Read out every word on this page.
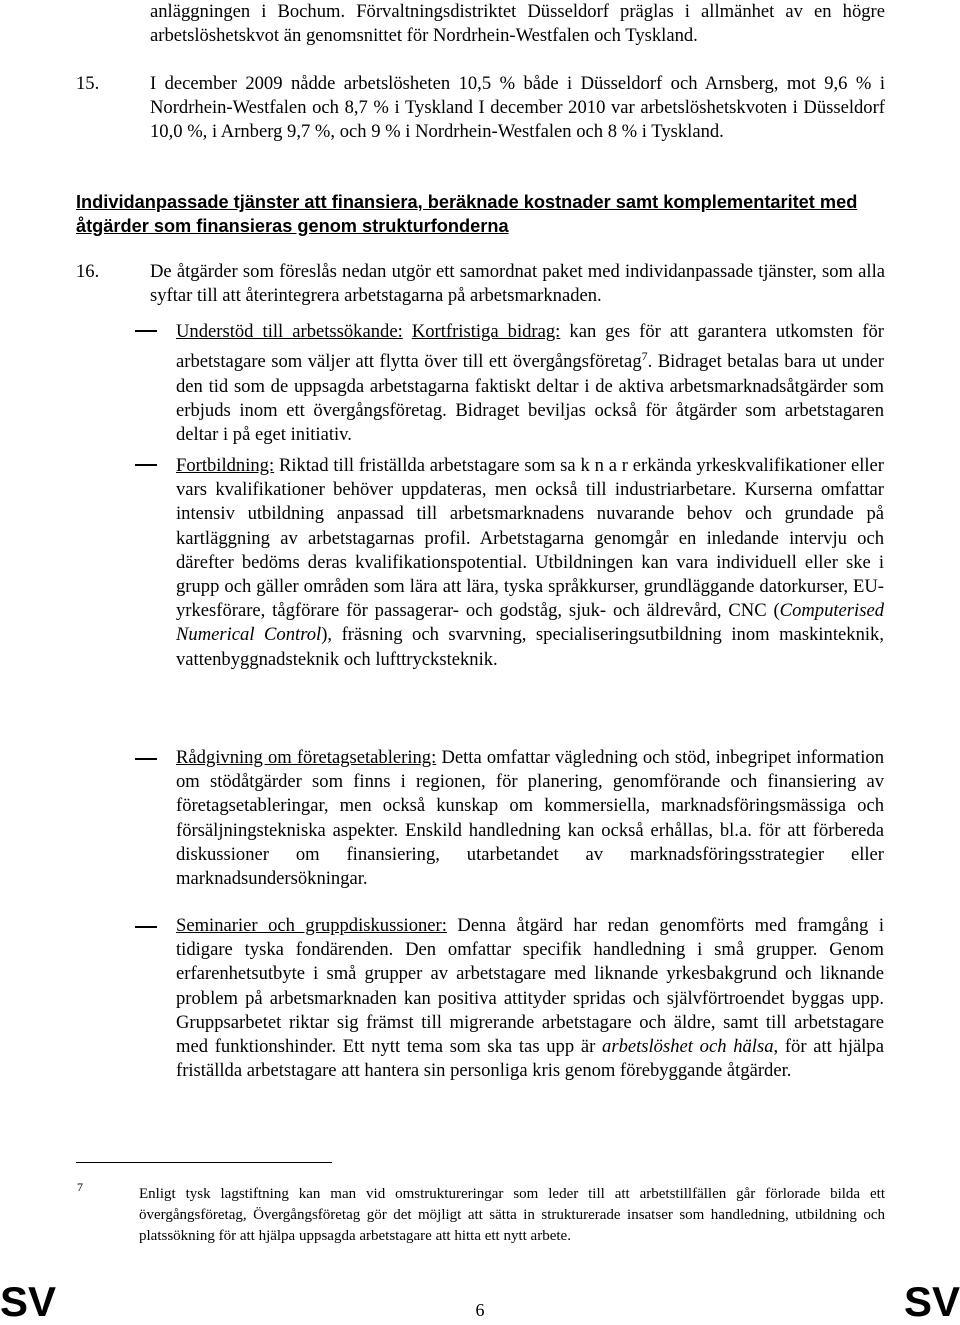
anläggningen i Bochum. Förvaltningsdistriktet Düsseldorf präglas i allmänhet av en högre arbetslöshetskvot än genomsnittet för Nordrhein-Westfalen och Tyskland.
15.	I december 2009 nådde arbetslösheten 10,5 % både i Düsseldorf och Arnsberg, mot 9,6 % i Nordrhein-Westfalen och 8,7 % i Tyskland I december 2010 var arbetslöshetskvoten i Düsseldorf 10,0 %, i Arnberg 9,7 %, och 9 % i Nordrhein-Westfalen och 8 % i Tyskland.
Individanpassade tjänster att finansiera, beräknade kostnader samt komplementaritet med åtgärder som finansieras genom strukturfonderna
16.	De åtgärder som föreslås nedan utgör ett samordnat paket med individanpassade tjänster, som alla syftar till att återintegrera arbetstagarna på arbetsmarknaden.
Understöd till arbetssökande: Kortfristiga bidrag: kan ges för att garantera utkomsten för arbetstagare som väljer att flytta över till ett övergångsföretag$^7$. Bidraget betalas bara ut under den tid som de uppsagda arbetstagarna faktiskt deltar i de aktiva arbetsmarknadsåtgärder som erbjuds inom ett övergångsföretag. Bidraget beviljas också för åtgärder som arbetstagaren deltar i på eget initiativ.
Fortbildning: Riktad till friställda arbetstagare som sa k n a r erkända yrkeskvalifikationer eller vars kvalifikationer behöver uppdateras, men också till industriarbetare. Kurserna omfattar intensiv utbildning anpassad till arbetsmarknadens nuvarande behov och grundade på kartläggning av arbetstagarnas profil. Arbetstagarna genomgår en inledande intervju och därefter bedöms deras kvalifikationspotential. Utbildningen kan vara individuell eller ske i grupp och gäller områden som lära att lära, tyska språkkurser, grundläggande datorkurser, EU-yrkesförare, tågförare för passagerar- och godståg, sjuk- och äldrevård, CNC (Computerised Numerical Control), fräsning och svarvning, specialiseringsutbildning inom maskinteknik, vattenbyggnadsteknik och lufttrycksteknik.
Rådgivning om företagsetablering: Detta omfattar vägledning och stöd, inbegripet information om stödåtgärder som finns i regionen, för planering, genomförande och finansiering av företagsetableringar, men också kunskap om kommersiella, marknadsföringsmässiga och försäljningstekniska aspekter. Enskild handledning kan också erhållas, bl.a. för att förbereda diskussioner om finansiering, utarbetandet av marknadsföringsstrategier eller marknadsundersökningar.
Seminarier och gruppdiskussioner: Denna åtgärd har redan genomförts med framgång i tidigare tyska fondärenden. Den omfattar specifik handledning i små grupper. Genom erfarenhetsutbyte i små grupper av arbetstagare med liknande yrkesbakgrund och liknande problem på arbetsmarknaden kan positiva attityder spridas och självförtroendet byggas upp. Gruppsarbetet riktar sig främst till migrerande arbetstagare och äldre, samt till arbetstagare med funktionshinder. Ett nytt tema som ska tas upp är arbetslöshet och hälsa, för att hjälpa friställda arbetstagare att hantera sin personliga kris genom förebyggande åtgärder.
7	Enligt tysk lagstiftning kan man vid omstruktureringar som leder till att arbetstillfällen går förlorade bilda ett övergångsföretag, Övergångsföretag gör det möjligt att sätta in strukturerade insatser som handledning, utbildning och platssökning för att hjälpa uppsagda arbetstagare att hitta ett nytt arbete.
SV	6	SV
